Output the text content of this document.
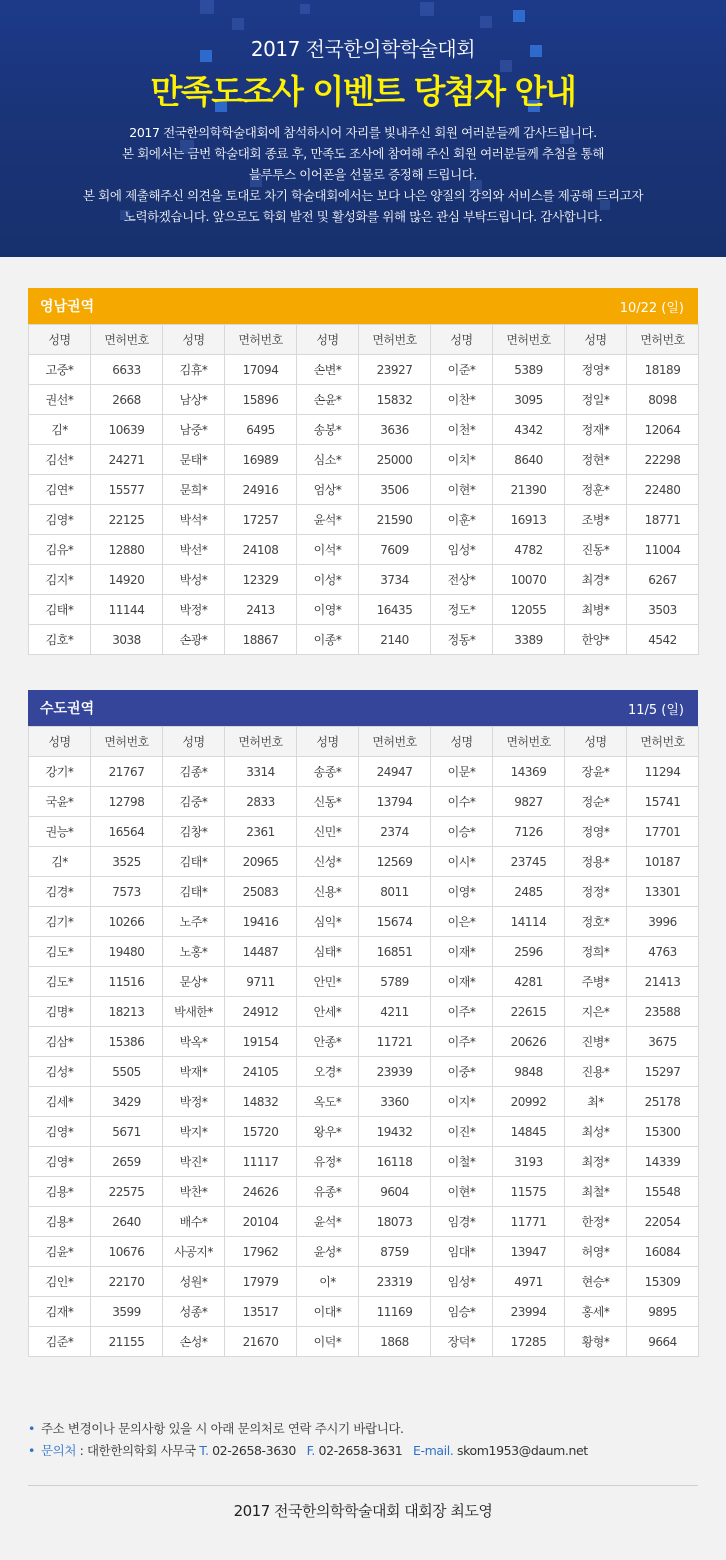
2017 전국한의학학술대회
만족도조사 이벤트 당첨자 안내
2017 전국한의학학술대회에 참석하시어 자리를 빛내주신 회원 여러분들께 감사드립니다.
본 회에서는 금번 학술대회 종료 후, 만족도 조사에 참여해 주신 회원 여러분들께 추첨을 통해
블루투스 이어폰을 선물로 증정해 드립니다.
본 회에 제출해주신 의견을 토대로 차기 학술대회에서는 보다 나은 양질의 강의와 서비스를 제공해 드리고자
노력하겠습니다. 앞으로도 학회 발전 및 활성화를 위해 많은 관심 부탁드립니다. 감사합니다.
영남권역	10/22 (일)
성명	면허번호	성명	면허번호	성명	면허번호	성명	면허번호	성명	면허번호
고중*	6633	김휴*	17094	손변*	23927	이준*	5389	정영*	18189
권선*	2668	남상*	15896	손윤*	15832	이찬*	3095	정일*	8098
김*	10639	남중*	6495	송봉*	3636	이천*	4342	정재*	12064
김선*	24271	문태*	16989	심소*	25000	이치*	8640	정현*	22298
김연*	15577	문희*	24916	엄상*	3506	이현*	21390	정훈*	22480
김영*	22125	박석*	17257	윤석*	21590	이훈*	16913	조병*	18771
김유*	12880	박선*	24108	이석*	7609	임성*	4782	진동*	11004
김지*	14920	박성*	12329	이성*	3734	전상*	10070	최경*	6267
김태*	11144	박정*	2413	이영*	16435	정도*	12055	최병*	3503
김호*	3038	손광*	18867	이종*	2140	정동*	3389	한양*	4542
수도권역	11/5 (일)
성명	면허번호	성명	면허번호	성명	면허번호	성명	면허번호	성명	면허번호
강기*	21767	김종*	3314	송종*	24947	이문*	14369	장윤*	11294
국윤*	12798	김중*	2833	신동*	13794	이수*	9827	정순*	15741
권능*	16564	김창*	2361	신민*	2374	이승*	7126	정영*	17701
김*	3525	김태*	20965	신성*	12569	이시*	23745	정용*	10187
김경*	7573	김태*	25083	신용*	8011	이영*	2485	정정*	13301
김기*	10266	노주*	19416	심익*	15674	이은*	14114	정호*	3996
김도*	19480	노홍*	14487	심태*	16851	이재*	2596	정희*	4763
김도*	11516	문상*	9711	안민*	5789	이재*	4281	주병*	21413
김명*	18213	박새한*	24912	안세*	4211	이주*	22615	지은*	23588
김삼*	15386	박옥*	19154	안종*	11721	이주*	20626	진병*	3675
김성*	5505	박재*	24105	오경*	23939	이중*	9848	진용*	15297
김세*	3429	박정*	14832	옥도*	3360	이지*	20992	최*	25178
김영*	5671	박지*	15720	왕우*	19432	이진*	14845	최성*	15300
김영*	2659	박진*	11117	유정*	16118	이철*	3193	최정*	14339
김용*	22575	박찬*	24626	유종*	9604	이현*	11575	최철*	15548
김용*	2640	배수*	20104	윤석*	18073	임경*	11771	한정*	22054
김윤*	10676	사공지*	17962	윤성*	8759	임대*	13947	허영*	16084
김인*	22170	성원*	17979	이*	23319	임성*	4971	현승*	15309
김재*	3599	성종*	13517	이대*	11169	임승*	23994	홍세*	9895
김준*	21155	손성*	21670	이덕*	1868	장덕*	17285	황형*	9664
• 주소 변경이나 문의사항 있을 시 아래 문의처로 연락 주시기 바랍니다.
• 문의처 : 대한한의학회 사무국 T. 02-2658-3630 F. 02-2658-3631 E-mail. skom1953@daum.net
2017 전국한의학학술대회 대회장 최도영
